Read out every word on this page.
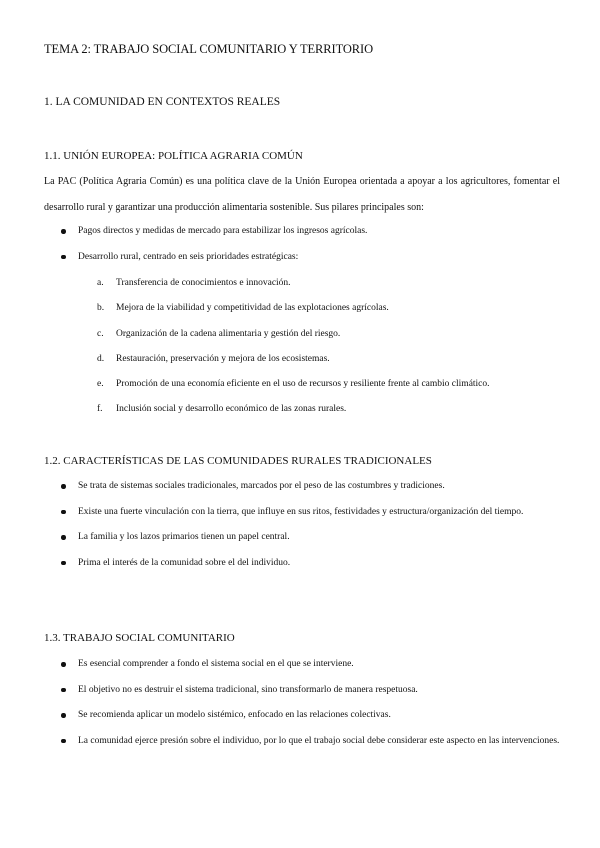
TEMA 2: TRABAJO SOCIAL COMUNITARIO Y TERRITORIO
1. LA COMUNIDAD EN CONTEXTOS REALES
1.1. UNIÓN EUROPEA: POLÍTICA AGRARIA COMÚN
La PAC (Política Agraria Común) es una política clave de la Unión Europea orientada a apoyar a los agricultores, fomentar el desarrollo rural y garantizar una producción alimentaria sostenible. Sus pilares principales son:
Pagos directos y medidas de mercado para estabilizar los ingresos agrícolas.
Desarrollo rural, centrado en seis prioridades estratégicas:
a. Transferencia de conocimientos e innovación.
b. Mejora de la viabilidad y competitividad de las explotaciones agrícolas.
c. Organización de la cadena alimentaria y gestión del riesgo.
d. Restauración, preservación y mejora de los ecosistemas.
e. Promoción de una economía eficiente en el uso de recursos y resiliente frente al cambio climático.
f. Inclusión social y desarrollo económico de las zonas rurales.
1.2. CARACTERÍSTICAS DE LAS COMUNIDADES RURALES TRADICIONALES
Se trata de sistemas sociales tradicionales, marcados por el peso de las costumbres y tradiciones.
Existe una fuerte vinculación con la tierra, que influye en sus ritos, festividades y estructura/organización del tiempo.
La familia y los lazos primarios tienen un papel central.
Prima el interés de la comunidad sobre el del individuo.
1.3. TRABAJO SOCIAL COMUNITARIO
Es esencial comprender a fondo el sistema social en el que se interviene.
El objetivo no es destruir el sistema tradicional, sino transformarlo de manera respetuosa.
Se recomienda aplicar un modelo sistémico, enfocado en las relaciones colectivas.
La comunidad ejerce presión sobre el individuo, por lo que el trabajo social debe considerar este aspecto en las intervenciones.
